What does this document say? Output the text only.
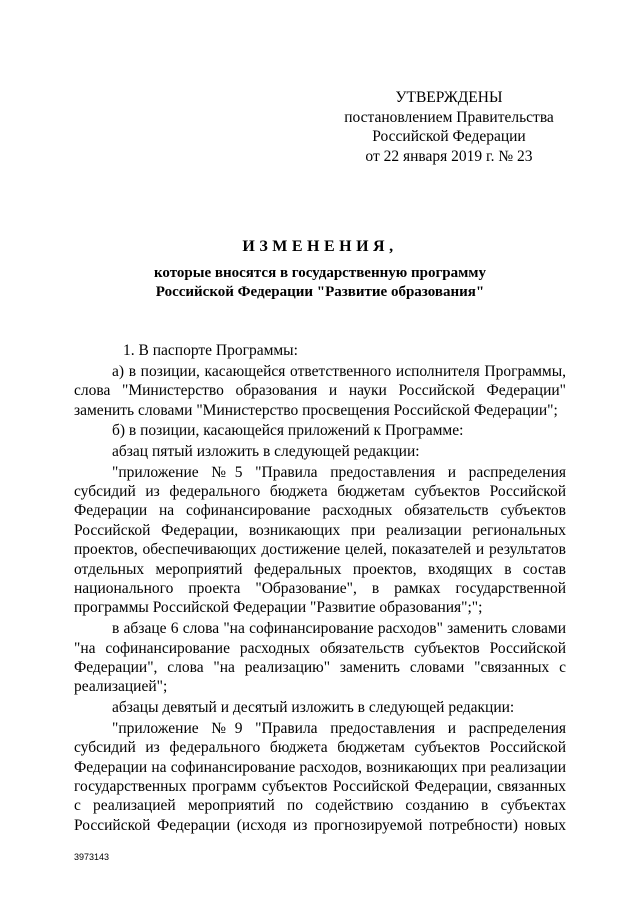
УТВЕРЖДЕНЫ
постановлением Правительства
Российской Федерации
от 22 января 2019 г. № 23
ИЗМЕНЕНИЯ,
которые вносятся в государственную программу
Российской Федерации "Развитие образования"

1. В паспорте Программы:

а) в позиции, касающейся ответственного исполнителя Программы, слова "Министерство образования и науки Российской Федерации" заменить словами "Министерство просвещения Российской Федерации";

б) в позиции, касающейся приложений к Программе:

абзац пятый изложить в следующей редакции:

"приложение №5 "Правила предоставления и распределения субсидий из федерального бюджета бюджетам субъектов Российской Федерации на софинансирование расходных обязательств субъектов Российской Федерации, возникающих при реализации региональных проектов, обеспечивающих достижение целей, показателей и результатов отдельных мероприятий федеральных проектов, входящих в состав национального проекта "Образование", в рамках государственной программы Российской Федерации "Развитие образования";";

в абзаце 6 слова "на софинансирование расходов" заменить словами "на софинансирование расходных обязательств субъектов Российской Федерации", слова "на реализацию" заменить словами "связанных с реализацией";

абзацы девятый и десятый изложить в следующей редакции:

"приложение №9 "Правила предоставления и распределения субсидий из федерального бюджета бюджетам субъектов Российской Федерации на софинансирование расходов, возникающих при реализации государственных программ субъектов Российской Федерации, связанных с реализацией мероприятий по содействию созданию в субъектах Российской Федерации (исходя из прогнозируемой потребности) новых

3973143
